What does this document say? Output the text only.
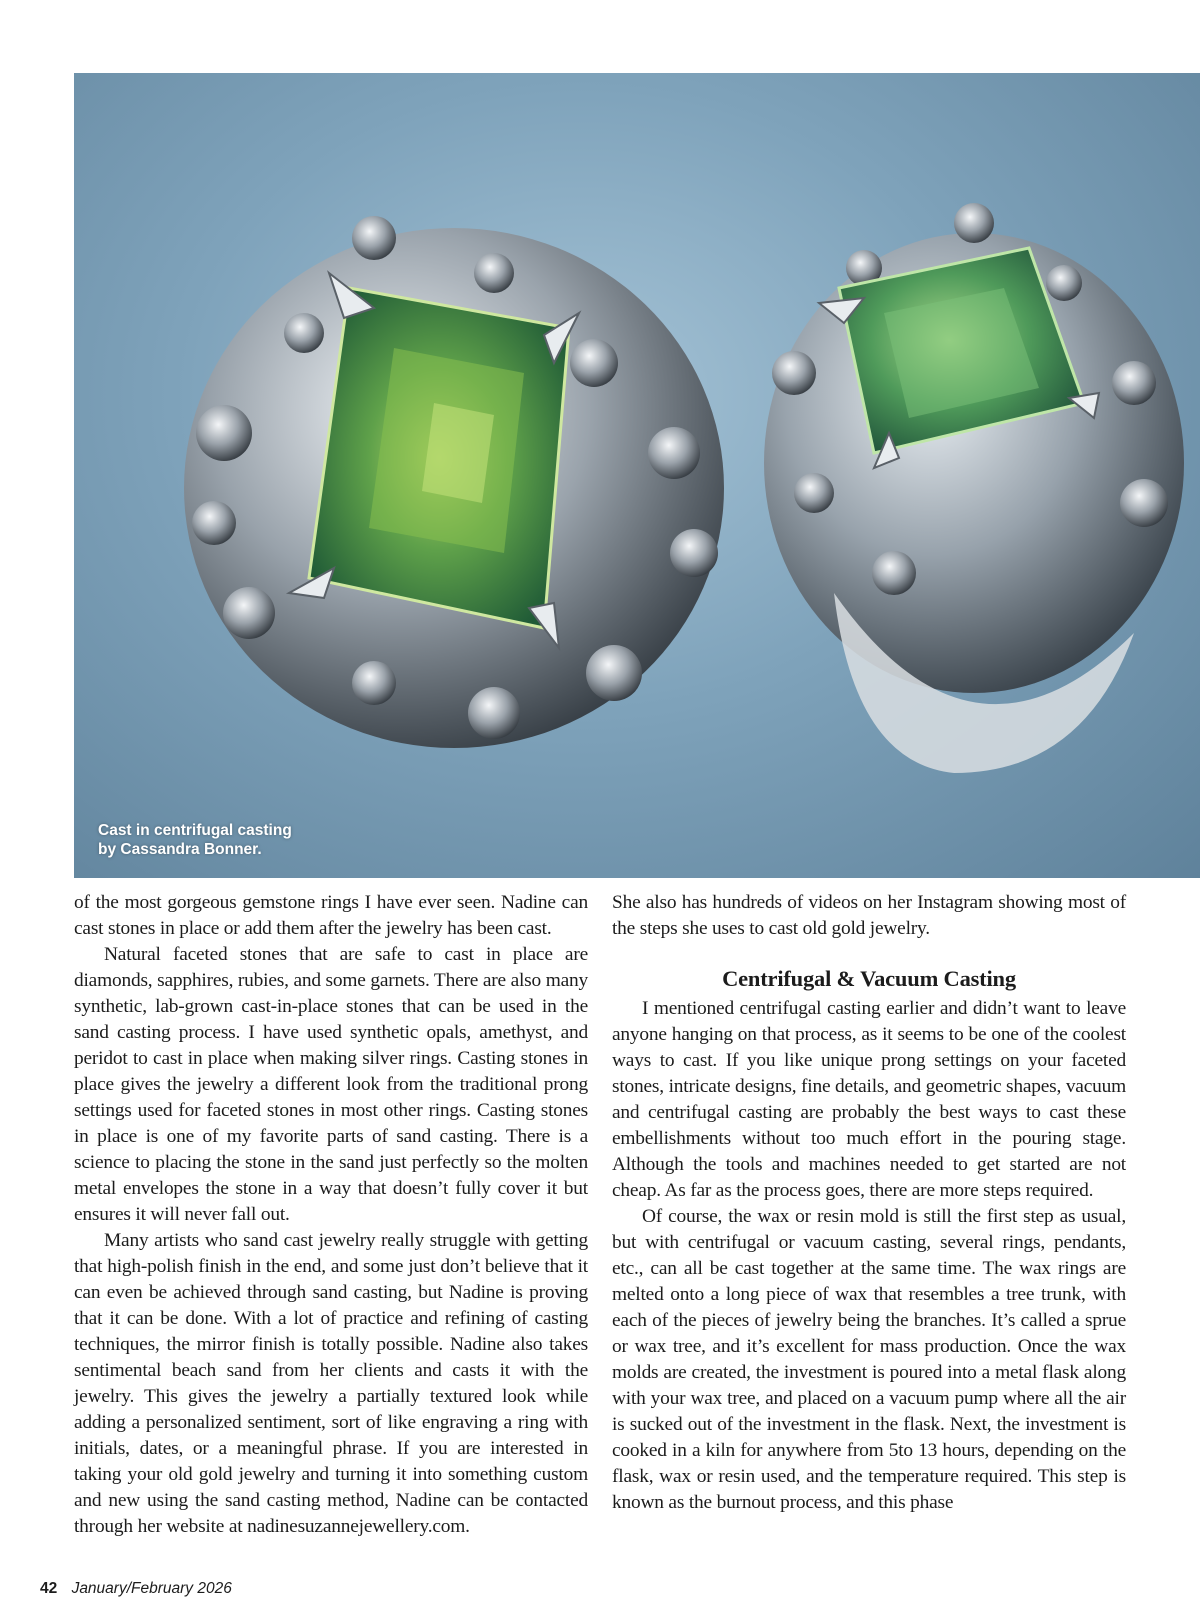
Cast in centrifugal casting
by Cassandra Bonner.

of the most gorgeous gemstone rings I have ever seen. Nadine can cast stones in place or add them after the jewelry has been cast.

Natural faceted stones that are safe to cast in place are diamonds, sapphires, rubies, and some garnets. There are also many synthetic, lab-grown cast-in-place stones that can be used in the sand casting process. I have used synthetic opals, amethyst, and peridot to cast in place when making silver rings. Casting stones in place gives the jewelry a different look from the traditional prong settings used for faceted stones in most other rings. Casting stones in place is one of my favorite parts of sand casting. There is a science to placing the stone in the sand just perfectly so the molten metal envelopes the stone in a way that doesn’t fully cover it but ensures it will never fall out.

Many artists who sand cast jewelry really struggle with getting that high-polish finish in the end, and some just don’t believe that it can even be achieved through sand casting, but Nadine is proving that it can be done. With a lot of practice and refining of casting techniques, the mirror finish is totally possible. Nadine also takes sentimental beach sand from her clients and casts it with the jewelry. This gives the jewelry a partially textured look while adding a personalized sentiment, sort of like engraving a ring with initials, dates, or a meaningful phrase. If you are interested in taking your old gold jewelry and turning it into something custom and new using the sand casting method, Nadine can be contacted through her website at nadinesuzannejewellery.com.

She also has hundreds of videos on her Instagram showing most of the steps she uses to cast old gold jewelry.

Centrifugal & Vacuum Casting

I mentioned centrifugal casting earlier and didn’t want to leave anyone hanging on that process, as it seems to be one of the coolest ways to cast. If you like unique prong settings on your faceted stones, intricate designs, fine details, and geometric shapes, vacuum and centrifugal casting are probably the best ways to cast these embellishments without too much effort in the pouring stage. Although the tools and machines needed to get started are not cheap. As far as the process goes, there are more steps required.

Of course, the wax or resin mold is still the first step as usual, but with centrifugal or vacuum casting, several rings, pendants, etc., can all be cast together at the same time. The wax rings are melted onto a long piece of wax that resembles a tree trunk, with each of the pieces of jewelry being the branches. It’s called a sprue or wax tree, and it’s excellent for mass production. Once the wax molds are created, the investment is poured into a metal flask along with your wax tree, and placed on a vacuum pump where all the air is sucked out of the investment in the flask. Next, the investment is cooked in a kiln for anywhere from 5to 13 hours, depending on the flask, wax or resin used, and the temperature required. This step is known as the burnout process, and this phase

42 January/February 2026
